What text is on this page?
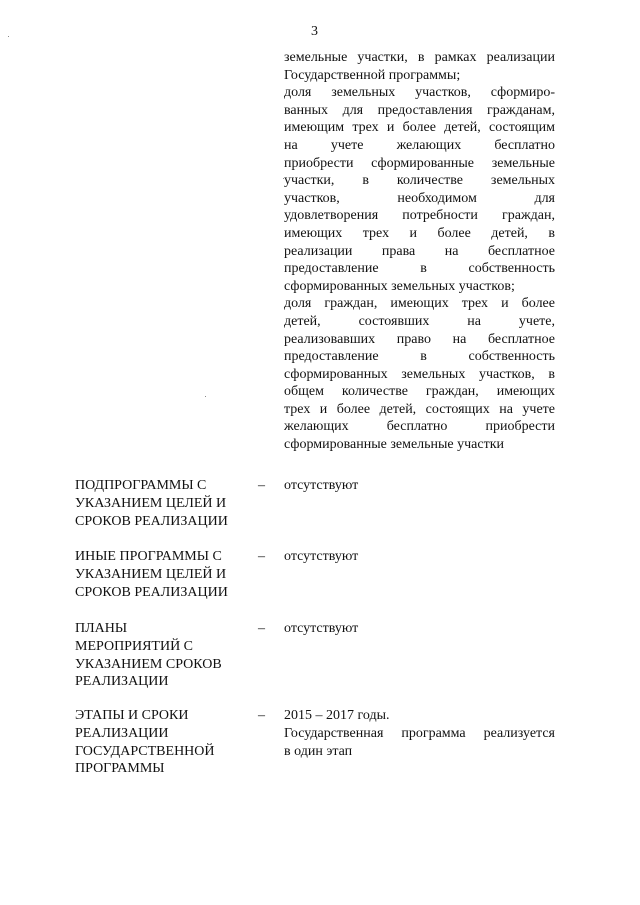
3
земельные участки, в рамках реализации
Государственной программы;
доля земельных участков, сформиро-
ванных для предоставления гражданам,
имеющим трех и более детей, состоящим
на учете желающих бесплатно
приобрести сформированные земельные
участки, в количестве земельных
участков, необходимом для
удовлетворения потребности граждан,
имеющих трех и более детей, в
реализации права на бесплатное
предоставление в собственность
сформированных земельных участков;
доля граждан, имеющих трех и более
детей, состоявших на учете,
реализовавших право на бесплатное
предоставление в собственность
сформированных земельных участков, в
общем количестве граждан, имеющих
трех и более детей, состоящих на учете
желающих бесплатно приобрести
сформированные земельные участки
ПОДПРОГРАММЫ С
УКАЗАНИЕМ ЦЕЛЕЙ И
СРОКОВ РЕАЛИЗАЦИИ
– отсутствуют
ИНЫЕ ПРОГРАММЫ С
УКАЗАНИЕМ ЦЕЛЕЙ И
СРОКОВ РЕАЛИЗАЦИИ
– отсутствуют
ПЛАНЫ
МЕРОПРИЯТИЙ С
УКАЗАНИЕМ СРОКОВ
РЕАЛИЗАЦИИ
– отсутствуют
ЭТАПЫ И СРОКИ
РЕАЛИЗАЦИИ
ГОСУДАРСТВЕННОЙ
ПРОГРАММЫ
– 2015 – 2017 годы.
Государственная программа реализуется
в один этап
